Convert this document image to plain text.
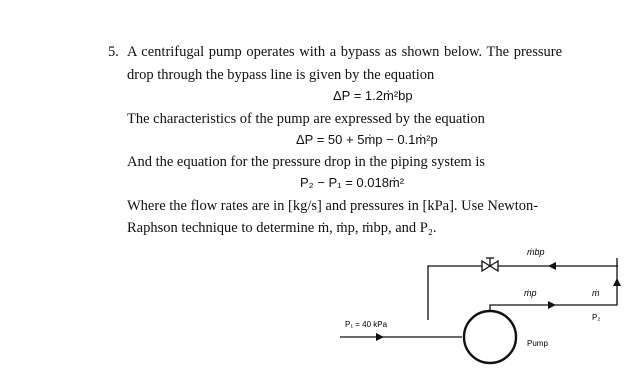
5. A centrifugal pump operates with a bypass as shown below. The pressure
drop through the bypass line is given by the equation
ΔP = 1.2ṁ²bp
The characteristics of the pump are expressed by the equation
ΔP = 50 + 5ṁp − 0.1ṁ²p
And the equation for the pressure drop in the piping system is
P₂ − P₁ = 0.018ṁ²
Where the flow rates are in [kg/s] and pressures in [kPa]. Use Newton-
Raphson technique to determine ṁ, ṁp, ṁbp, and P₂.
ṁbp
ṁp	ṁ
P₁ = 40 kPa
P₂
Pump
